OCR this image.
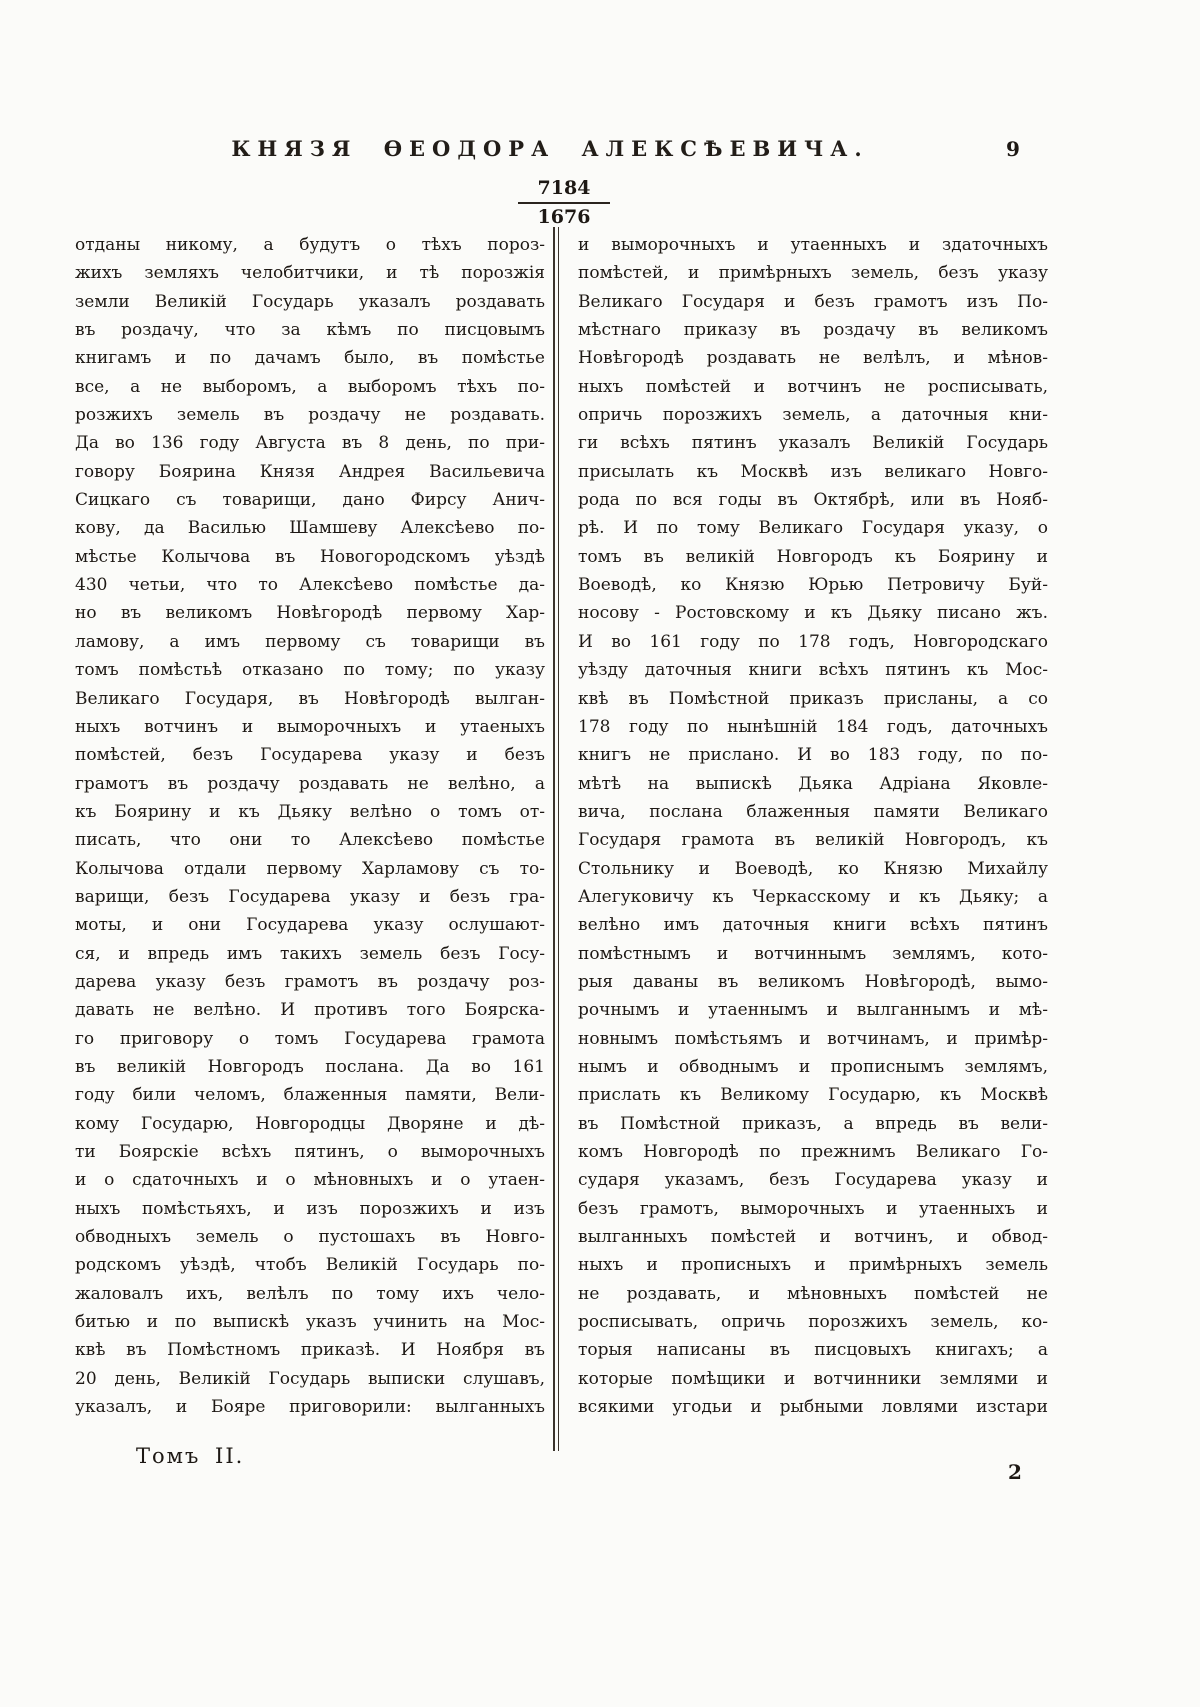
КНЯЗЯ ѲЕОДОРА АЛЕКСѢЕВИЧА.	9
$\frac{7184}{1676}$
отданы никому, а будутъ о тѣхъ пороз-
жихъ земляхъ челобитчики, и тѣ порозжія
земли Великій Государь указалъ роздавать
въ роздачу, что за кѣмъ по писцовымъ
книгамъ и по дачамъ было, въ помѣстье
все, а не выборомъ, а выборомъ тѣхъ по-
розжихъ земель въ роздачу не роздавать.
Да во 136 году Августа въ 8 день, по при-
говору Боярина Князя Андрея Васильевича
Сицкаго съ товарищи, дано Фирсу Анич-
кову, да Василью Шамшеву Алексѣево по-
мѣстье Колычова въ Новогородскомъ уѣздѣ
430 четьи, что то Алексѣево помѣстье да-
но въ великомъ Новѣгородѣ первому Хар-
ламову, а имъ первому съ товарищи въ
томъ помѣстьѣ отказано по тому; по указу
Великаго Государя, въ Новѣгородѣ вылган-
ныхъ вотчинъ и выморочныхъ и утаеныхъ
помѣстей, безъ Государева указу и безъ
грамотъ въ роздачу роздавать не велѣно, а
къ Боярину и къ Дьяку велѣно о томъ от-
писать, что они то Алексѣево помѣстье
Колычова отдали первому Харламову съ то-
варищи, безъ Государева указу и безъ гра-
моты, и они Государева указу ослушают-
ся, и впредь имъ такихъ земель безъ Госу-
дарева указу безъ грамотъ въ роздачу роз-
давать не велѣно. И противъ того Боярска-
го приговору о томъ Государева грамота
въ великій Новгородъ послана. Да во 161
году били челомъ, блаженныя памяти, Вели-
кому Государю, Новгородцы Дворяне и дѣ-
ти Боярскіе всѣхъ пятинъ, о выморочныхъ
и о сдаточныхъ и о мѣновныхъ и о утаен-
ныхъ помѣстьяхъ, и изъ порозжихъ и изъ
обводныхъ земель о пустошахъ въ Новго-
родскомъ уѣздѣ, чтобъ Великій Государь по-
жаловалъ ихъ, велѣлъ по тому ихъ чело-
битью и по выпискѣ указъ учинить на Мос-
квѣ въ Помѣстномъ приказѣ. И Ноября въ
20 день, Великій Государь выписки слушавъ,
указалъ, и Бояре приговорили: вылганныхъ
и выморочныхъ и утаенныхъ и здаточныхъ
помѣстей, и примѣрныхъ земель, безъ указу
Великаго Государя и безъ грамотъ изъ По-
мѣстнаго приказу въ роздачу въ великомъ
Новѣгородѣ роздавать не велѣлъ, и мѣнов-
ныхъ помѣстей и вотчинъ не росписывать,
опричь порозжихъ земель, а даточныя кни-
ги всѣхъ пятинъ указалъ Великій Государь
присылать къ Москвѣ изъ великаго Новго-
рода по вся годы въ Октябрѣ, или въ Нояб-
рѣ. И по тому Великаго Государя указу, о
томъ въ великій Новгородъ къ Боярину и
Воеводѣ, ко Князю Юрью Петровичу Буй-
носову - Ростовскому и къ Дьяку писано жъ.
И во 161 году по 178 годъ, Новгородскаго
уѣзду даточныя книги всѣхъ пятинъ къ Мос-
квѣ въ Помѣстной приказъ присланы, а со
178 году по нынѣшній 184 годъ, даточныхъ
книгъ не прислано. И во 183 году, по по-
мѣтѣ на выпискѣ Дьяка Адріана Яковле-
вича, послана блаженныя памяти Великаго
Государя грамота въ великій Новгородъ, къ
Стольнику и Воеводѣ, ко Князю Михайлу
Алегуковичу къ Черкасскому и къ Дьяку; а
велѣно имъ даточныя книги всѣхъ пятинъ
помѣстнымъ и вотчиннымъ землямъ, кото-
рыя даваны въ великомъ Новѣгородѣ, вымо-
рочнымъ и утаеннымъ и вылганнымъ и мѣ-
новнымъ помѣстьямъ и вотчинамъ, и примѣр-
нымъ и обводнымъ и прописнымъ землямъ,
прислать къ Великому Государю, къ Москвѣ
въ Помѣстной приказъ, а впредь въ вели-
комъ Новгородѣ по прежнимъ Великаго Го-
сударя указамъ, безъ Государева указу и
безъ грамотъ, выморочныхъ и утаенныхъ и
вылганныхъ помѣстей и вотчинъ, и обвод-
ныхъ и прописныхъ и примѣрныхъ земель
не роздавать, и мѣновныхъ помѣстей не
росписывать, опричь порозжихъ земель, ко-
торыя написаны въ писцовыхъ книгахъ; а
которые помѣщики и вотчинники землями и
всякими угодьи и рыбными ловлями изстари
Томъ II.
2
